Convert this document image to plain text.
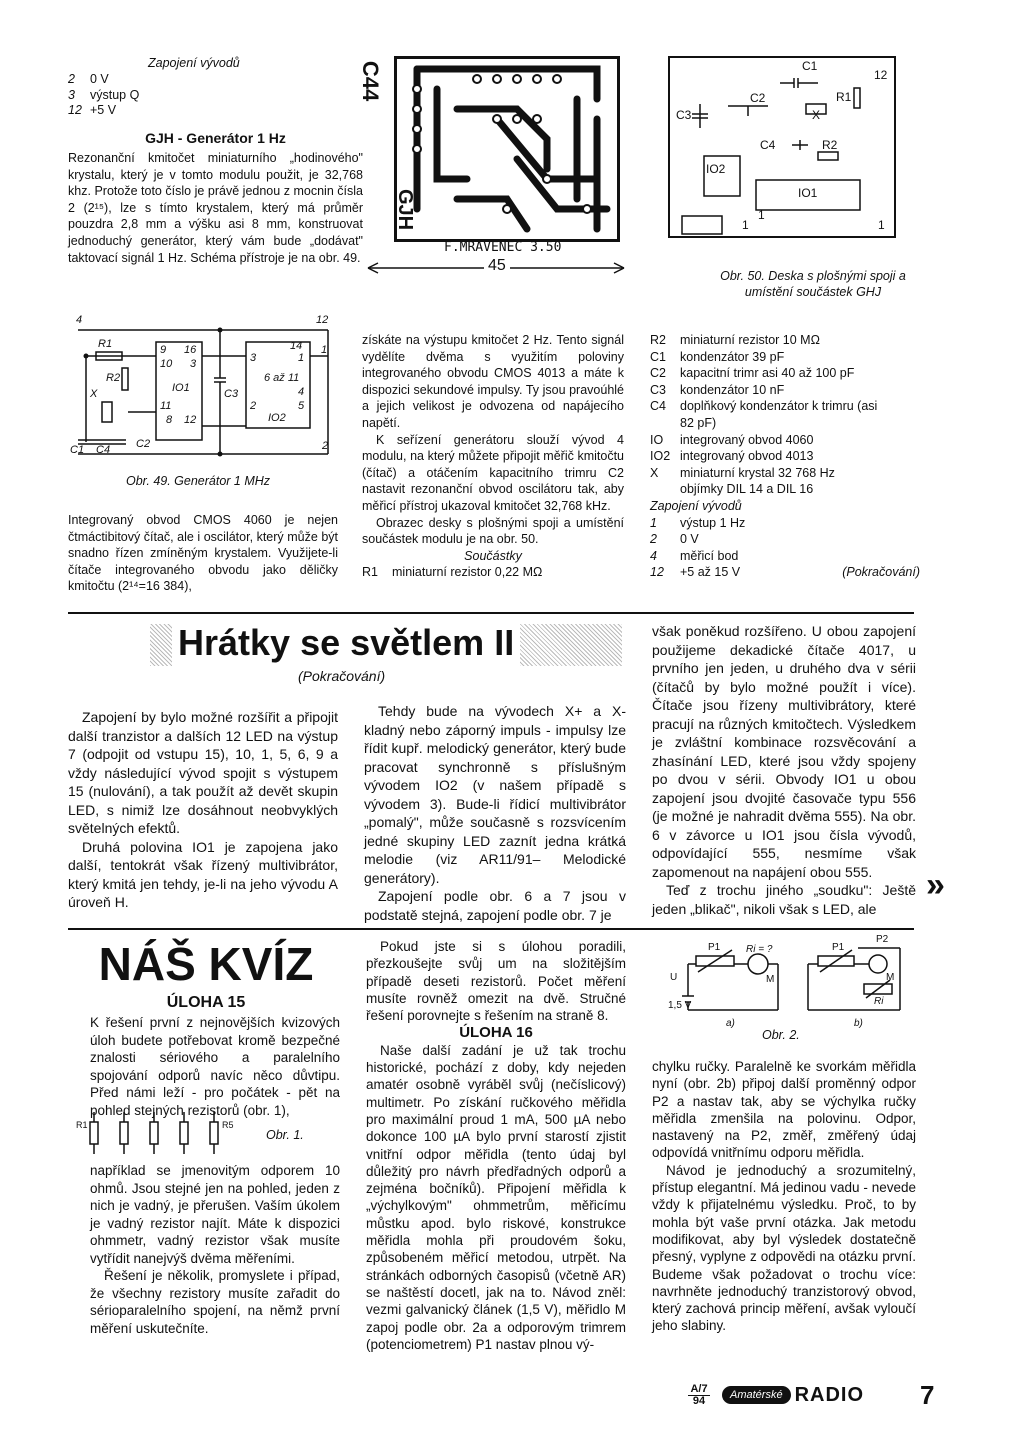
Zapojení vývodů
2 0 V
3 výstup Q
12 +5 V
GJH - Generátor 1 Hz

Rezonanční kmitočet miniaturního „hodinového" krystalu, který je v tomto modulu použit, je 32,768 khz. Protože toto číslo je právě jednou z mocnin čísla 2 (2¹⁵), lze s tímto krystalem, který má průměr pouzdra 2,8 mm a výšku asi 8 mm, konstruovat jednoduchý generátor, který vám bude „dodávat" taktovací signál 1 Hz. Schéma přístroje je na obr. 49.

C44
GJH
F.MRAVENEC 3.50
45
C1
12
C2	R1
C3	X
C4	R2
IO2
IO1
1
1
1
Obr. 50. Deska s plošnými spoji a umístění součástek GHJ
4	12
1
2
R1
R2
X
C1 C4 C2
C3
IO1
IO2
9 16
10 3
11
8 12
14
3	1
6 až 11
4
2	5
Obr. 49. Generátor 1 MHz

Integrovaný obvod CMOS 4060 je nejen čtmáctibitový čítač, ale i oscilátor, který může být snadno řízen zmíněným krystalem. Využijete-li čítače integrovaného obvodu jako děličky kmitočtu (2¹⁴=16 384),

získáte na výstupu kmitočet 2 Hz. Tento signál vydělíte dvěma s využitím poloviny integrovaného obvodu CMOS 4013 a máte k dispozici sekundové impulsy. Ty jsou pravoúhlé a jejich velikost je odvozena od napájecího napětí.

K seřízení generátoru slouží vývod 4 modulu, na který můžete připojit měřič kmitočtu (čítač) a otáčením kapacitního trimru C2 nastavit rezonanční obvod oscilátoru tak, aby měřicí přístroj ukazoval kmitočet 32,768 kHz.

Obrazec desky s plošnými spoji a umístění součástek modulu je na obr. 50.

Součástky

R1	miniaturní rezistor 0,22 MΩ
R2	miniaturní rezistor 10 MΩ
C1	kondenzátor 39 pF
C2	kapacitní trimr asi 40 až 100 pF
C3	kondenzátor 10 nF
C4	doplňkový kondenzátor k trimru (asi
82 pF)
IO	integrovaný obvod 4060
IO2 integrovaný obvod 4013
X	miniaturní krystal 32 768 Hz
objímky DIL 14 a DIL 16
Zapojení vývodů
1 výstup 1 Hz
2 0 V
4 měřicí bod
12 +5 až 15 V	(Pokračování)
Hrátky se světlem II
(Pokračování)

Zapojení by bylo možné rozšířit a připojit další tranzistor a dalších 12 LED na výstup 7 (odpojit od vstupu 15), 10, 1, 5, 6, 9 a vždy následující vývod spojit s výstupem 15 (nulování), a tak použít až devět skupin LED, s nimiž lze dosáhnout neobvyklých světelných efektů.

Druhá polovina IO1 je zapojena jako další, tentokrát však řízený multivibrátor, který kmitá jen tehdy, je-li na jeho vývodu A úroveň H.

Tehdy bude na vývodech X+ a X- kladný nebo záporný impuls - impulsy lze řídit kupř. melodický generátor, který bude pracovat synchronně s příslušným vývodem IO2 (v našem případě s vývodem 3). Bude-li řídicí multivibrátor „pomalý", může současně s rozsvícením jedné skupiny LED zaznít jedna krátká melodie (viz AR11/91– Melodické generátory).

Zapojení podle obr. 6 a 7 jsou v podstatě stejná, zapojení podle obr. 7 je

však poněkud rozšířeno. U obou zapojení použijeme dekadické čítače 4017, u prvního jen jeden, u druhého dva v sérii (čítačů by bylo možné použít i více). Čítače jsou řízeny multivibrátory, které pracují na různých kmitočtech. Výsledkem je zvláštní kombinace rozsvěcování a zhasínání LED, které jsou vždy spojeny po dvou v sérii. Obvody IO1 u obou zapojení jsou dvojité časovače typu 556 (je možné je nahradit dvěma 555). Na obr. 6 v závorce u IO1 jsou čísla vývodů, odpovídající 555, nesmíme však zapomenout na napájení obou 555.

Teď z trochu jiného „soudku": Ještě jeden „blikač", nikoli však s LED, ale

»
NÁŠ KVÍZ
ÚLOHA 15

K řešení první z nejnovějších kvizových úloh budete potřebovat kromě bezpečné znalosti sériového a paralelního spojování odporů navíc něco důvtipu. Před námi leží - pro počátek - pět na pohled stejných rezistorů (obr. 1),

R1	R5
Obr. 1.

například se jmenovitým odporem 10 ohmů. Jsou stejné jen na pohled, jeden z nich je vadný, je přerušen. Vaším úkolem je vadný rezistor najít. Máte k dispozici ohmmetr, vadný rezistor však musíte vytřídit nanejvýš dvěma měřeními.

Řešení je několik, promyslete i případ, že všechny rezistory musíte zařadit do sérioparalelního spojení, na němž první měření uskutečníte.

Pokud jste si s úlohou poradili, přezkoušejte svůj um na složitějším případě deseti rezistorů. Počet měření musíte rovněž omezit na dvě. Stručné řešení porovnejte s řešením na straně 8.

ÚLOHA 16

Naše další zadání je už tak trochu historické, pochází z doby, kdy nejeden amatér osobně vyráběl svůj (nečíslicový) multimetr. Po získání ručkového měřidla pro maximální proud 1 mA, 500 µA nebo dokonce 100 µA bylo první starostí zjistit vnitřní odpor měřidla (tento údaj byl důležitý pro návrh předřadných odporů a zejména bočníků). Připojení měřidla k „výchylkovým" ohmmetrům, měřicímu můstku apod. bylo riskové, konstrukce měřidla mohla při proudovém šoku, způsobeném měřicí metodou, utrpět. Na stránkách odborných časopisů (včetně AR) se naštěstí docetl, jak na to. Návod zněl: vezmi galvanický článek (1,5 V), měřidlo M zapoj podle obr. 2a a odporovým trimrem (potenciometrem) P1 nastav plnou vý-

U
P1	Ri = ?
M
1,5 V
P2
M
Ri
P1
a)	b)
Obr. 2.

chylku ručky. Paralelně ke svorkám měřidla nyní (obr. 2b) připoj další proměnný odpor P2 a nastav tak, aby se výchylka ručky měřidla zmenšila na polovinu. Odpor, nastavený na P2, změř, změřený údaj odpovídá vnitřnímu odporu měřidla.

Návod je jednoduchý a srozumitelný, přístup elegantní. Má jedinou vadu - nevede vždy k přijatelnému výsledku. Proč, to by mohla být vaše první otázka. Jak metodu modifikovat, aby byl výsledek dostatečně přesný, vyplyne z odpovědi na otázku první. Budeme však požadovat o trochu více: navrhněte jednoduchý tranzistorový obvod, který zachová princip měření, avšak vyloučí jeho slabiny.

A/7
94	Amatérské RADIO 7
